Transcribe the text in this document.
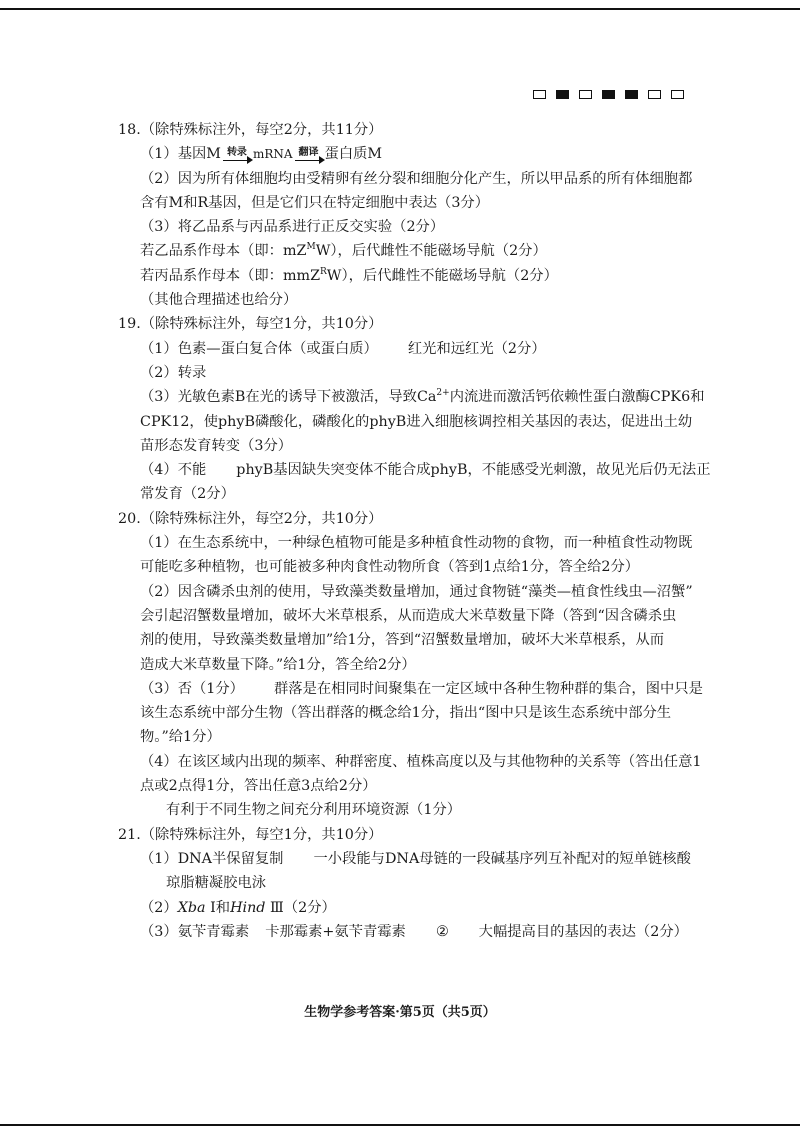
18.（除特殊标注外，每空2分，共11分）
（1）基因M 转录 mRNA 翻译 蛋白质M
（2）因为所有体细胞均由受精卵有丝分裂和细胞分化产生，所以甲品系的所有体细胞都
含有M和R基因，但是它们只在特定细胞中表达（3分）
（3）将乙品系与丙品系进行正反交实验（2分）
若乙品系作母本（即：$mZ^MW$），后代雌性不能磁场导航（2分）
若丙品系作母本（即：mmZ$^R$W），后代雌性不能磁场导航（2分）
（其他合理描述也给分）
19.（除特殊标注外，每空1分，共10分）
（1）色素—蛋白复合体（或蛋白质） 红光和远红光（2分）
（2）转录
（3）光敏色素B在光的诱导下被激活，导致$Ca^{2+}$内流进而激活钙依赖性蛋白激酶CPK6和
CPK12，使phyB磷酸化，磷酸化的phyB进入细胞核调控相关基因的表达，促进出土幼
苗形态发育转变（3分）
（4）不能 phyB基因缺失突变体不能合成phyB，不能感受光刺激，故见光后仍无法正
常发育（2分）
20.（除特殊标注外，每空2分，共10分）
（1）在生态系统中，一种绿色植物可能是多种植食性动物的食物，而一种植食性动物既
可能吃多种植物，也可能被多种肉食性动物所食（答到1点给1分，答全给2分）
（2）因含磷杀虫剂的使用，导致藻类数量增加，通过食物链“藻类—植食性线虫—沼蟹”
会引起沼蟹数量增加，破坏大米草根系，从而造成大米草数量下降（答到“因含磷杀虫
剂的使用，导致藻类数量增加”给1分，答到“沼蟹数量增加，破坏大米草根系，从而
造成大米草数量下降。”给1分，答全给2分）
（3）否（1分） 群落是在相同时间聚集在一定区域中各种生物种群的集合，图中只是
该生态系统中部分生物（答出群落的概念给1分，指出“图中只是该生态系统中部分生
物。”给1分）
（4）在该区域内出现的频率、种群密度、植株高度以及与其他物种的关系等（答出任意1
点或2点得1分，答出任意3点给2分）
有利于不同生物之间充分利用环境资源（1分）
21.（除特殊标注外，每空1分，共10分）
（1）DNA半保留复制 一小段能与DNA母链的一段碱基序列互补配对的短单链核酸
琼脂糖凝胶电泳
（2）Xba Ⅰ和Hind Ⅲ（2分）
（3）氨苄青霉素 卡那霉素+氨苄青霉素 ② 大幅提高目的基因的表达（2分）
生物学参考答案·第5页（共5页）
